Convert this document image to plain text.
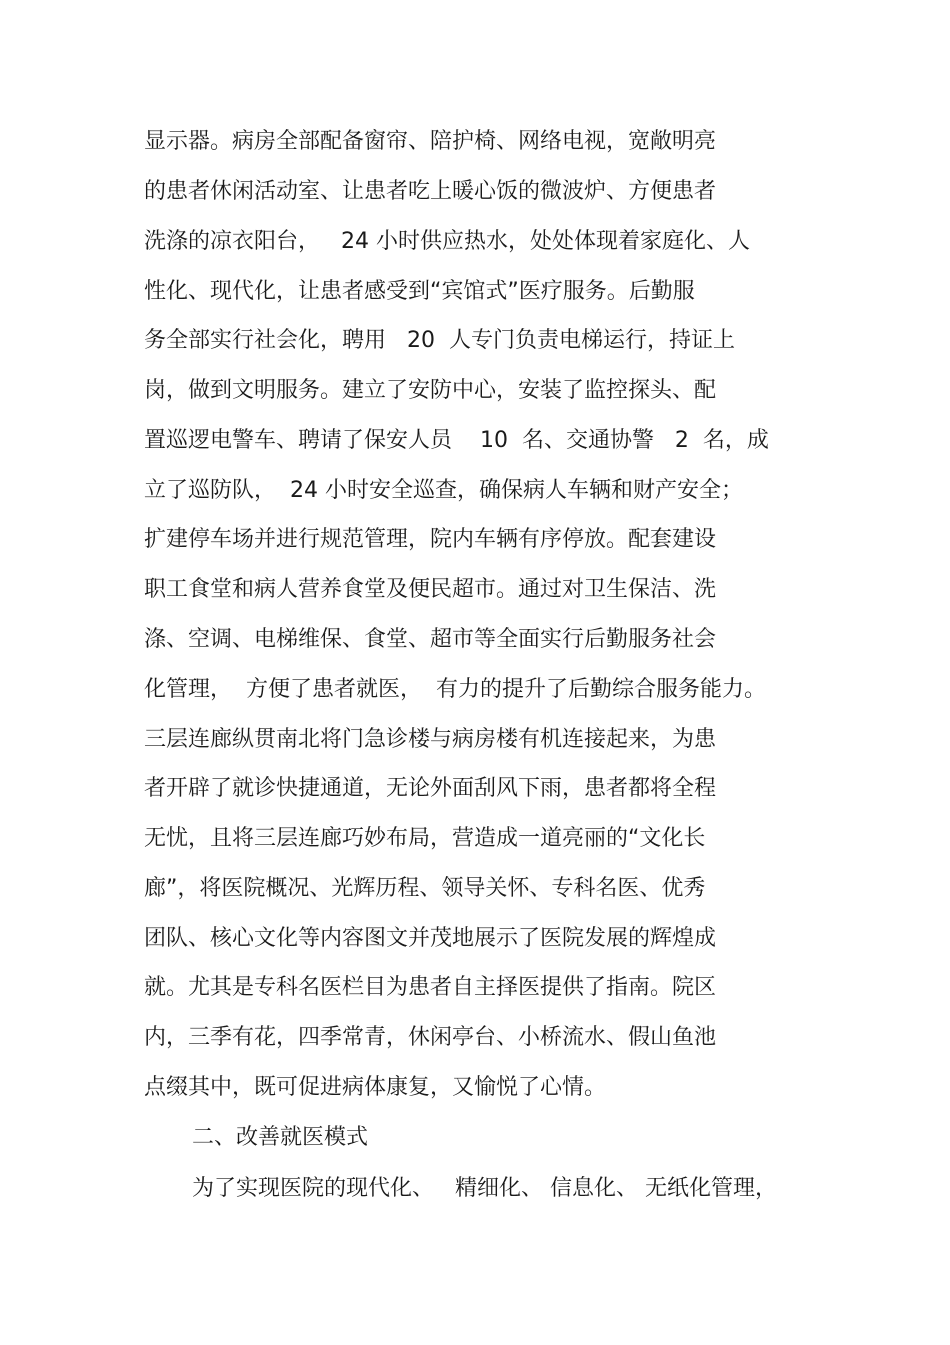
显示器。病房全部配备窗帘、陪护椅、网络电视，宽敞明亮
的患者休闲活动室、让患者吃上暖心饭的微波炉、方便患者
洗涤的凉衣阳台，   24 小时供应热水，处处体现着家庭化、人
性化、现代化，让患者感受到“宾馆式”医疗服务。后勤服
务全部实行社会化，聘用   20  人专门负责电梯运行，持证上
岗，做到文明服务。建立了安防中心，安装了监控探头、配
置巡逻电警车、聘请了保安人员    10  名、交通协警   2  名，成
立了巡防队，  24 小时安全巡查，确保病人车辆和财产安全；
扩建停车场并进行规范管理，院内车辆有序停放。配套建设
职工食堂和病人营养食堂及便民超市。通过对卫生保洁、洗
涤、空调、电梯维保、食堂、超市等全面实行后勤服务社会
化管理，  方便了患者就医，  有力的提升了后勤综合服务能力。
三层连廊纵贯南北将门急诊楼与病房楼有机连接起来，为患
者开辟了就诊快捷通道，无论外面刮风下雨，患者都将全程
无忧，且将三层连廊巧妙布局，营造成一道亮丽的“文化长
廊”，将医院概况、光辉历程、领导关怀、专科名医、优秀
团队、核心文化等内容图文并茂地展示了医院发展的辉煌成
就。尤其是专科名医栏目为患者自主择医提供了指南。院区
内，三季有花，四季常青，休闲亭台、小桥流水、假山鱼池
点缀其中，既可促进病体康复，又愉悦了心情。
二、改善就医模式
为了实现医院的现代化、   精细化、 信息化、 无纸化管理，
